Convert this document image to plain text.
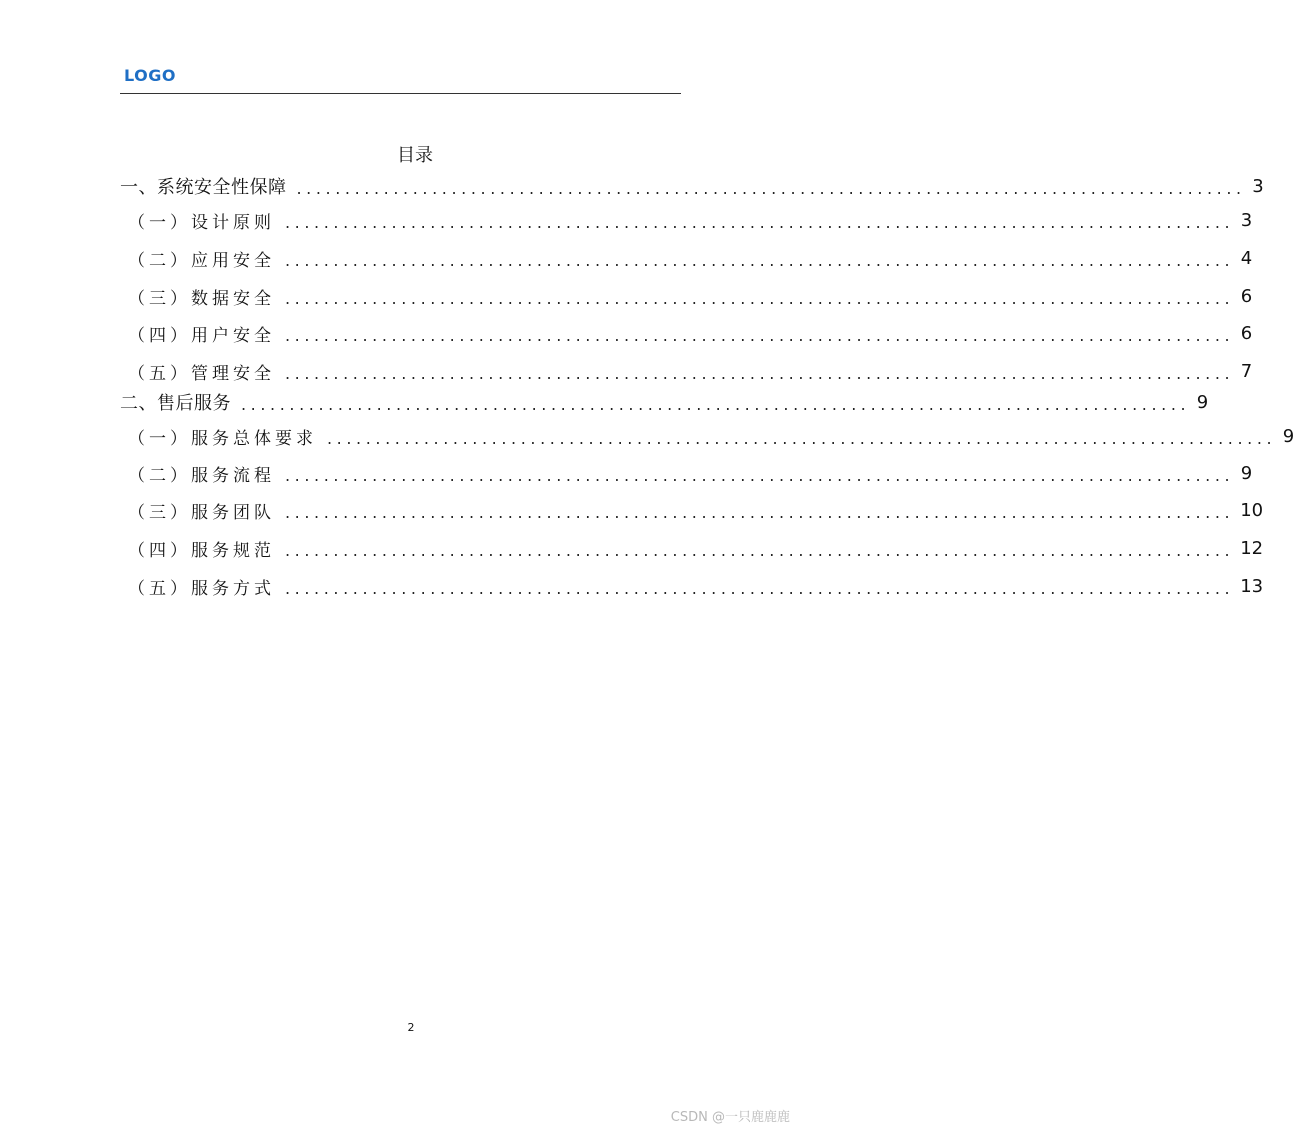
LOGO
目录
一、系统安全性保障 .................................................................................................. 3
（一）设计原则 .................................................................................................. 3
（二）应用安全 .................................................................................................. 4
（三）数据安全 .................................................................................................. 6
（四）用户安全 .................................................................................................. 6
（五）管理安全 .................................................................................................. 7
二、售后服务 .................................................................................................. 9
（一）服务总体要求 .................................................................................................. 9
（二）服务流程 .................................................................................................. 9
（三）服务团队 .................................................................................................. 10
（四）服务规范 .................................................................................................. 12
（五）服务方式 .................................................................................................. 13
2
CSDN @一只鹿鹿鹿
